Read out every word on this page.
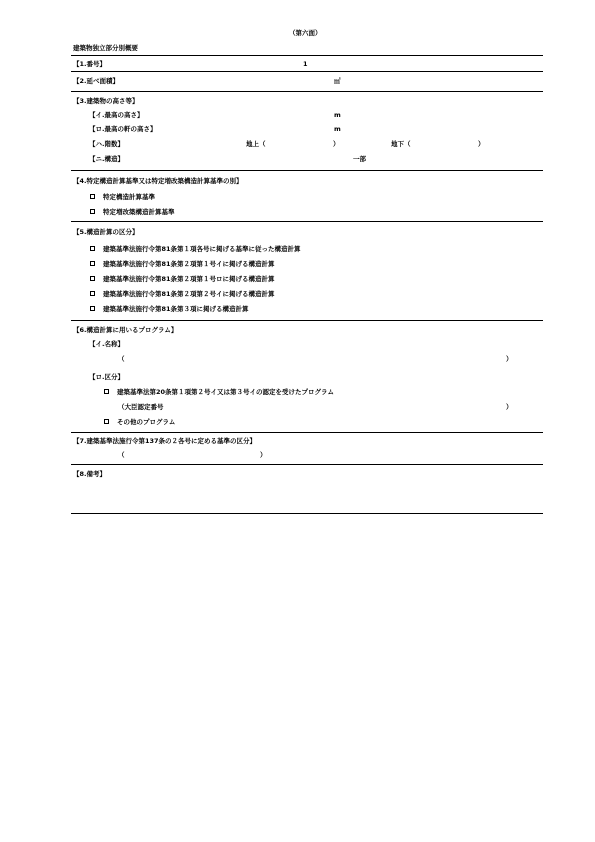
（第六面）
建築物独立部分別概要
【1.番号】	1
【2.延べ面積】	㎡
【3.建築物の高さ等】
【イ.最高の高さ】	m
【ロ.最高の軒の高さ】	m
【ハ.階数】	地上（	）	地下（	）
【ニ.構造】	一部
【4.特定構造計算基準又は特定増改築構造計算基準の別】
特定構造計算基準
特定増改築構造計算基準
【5.構造計算の区分】
建築基準法施行令第81条第１項各号に掲げる基準に従った構造計算
建築基準法施行令第81条第２項第１号イに掲げる構造計算
建築基準法施行令第81条第２項第１号ロに掲げる構造計算
建築基準法施行令第81条第２項第２号イに掲げる構造計算
建築基準法施行令第81条第３項に掲げる構造計算
【6.構造計算に用いるプログラム】
【イ.名称】
（	）
【ロ.区分】
建築基準法第20条第１項第２号イ又は第３号イの認定を受けたプログラム
（大臣認定番号	）
その他のプログラム
【7.建築基準法施行令第137条の２各号に定める基準の区分】
（	）
【8.備考】
